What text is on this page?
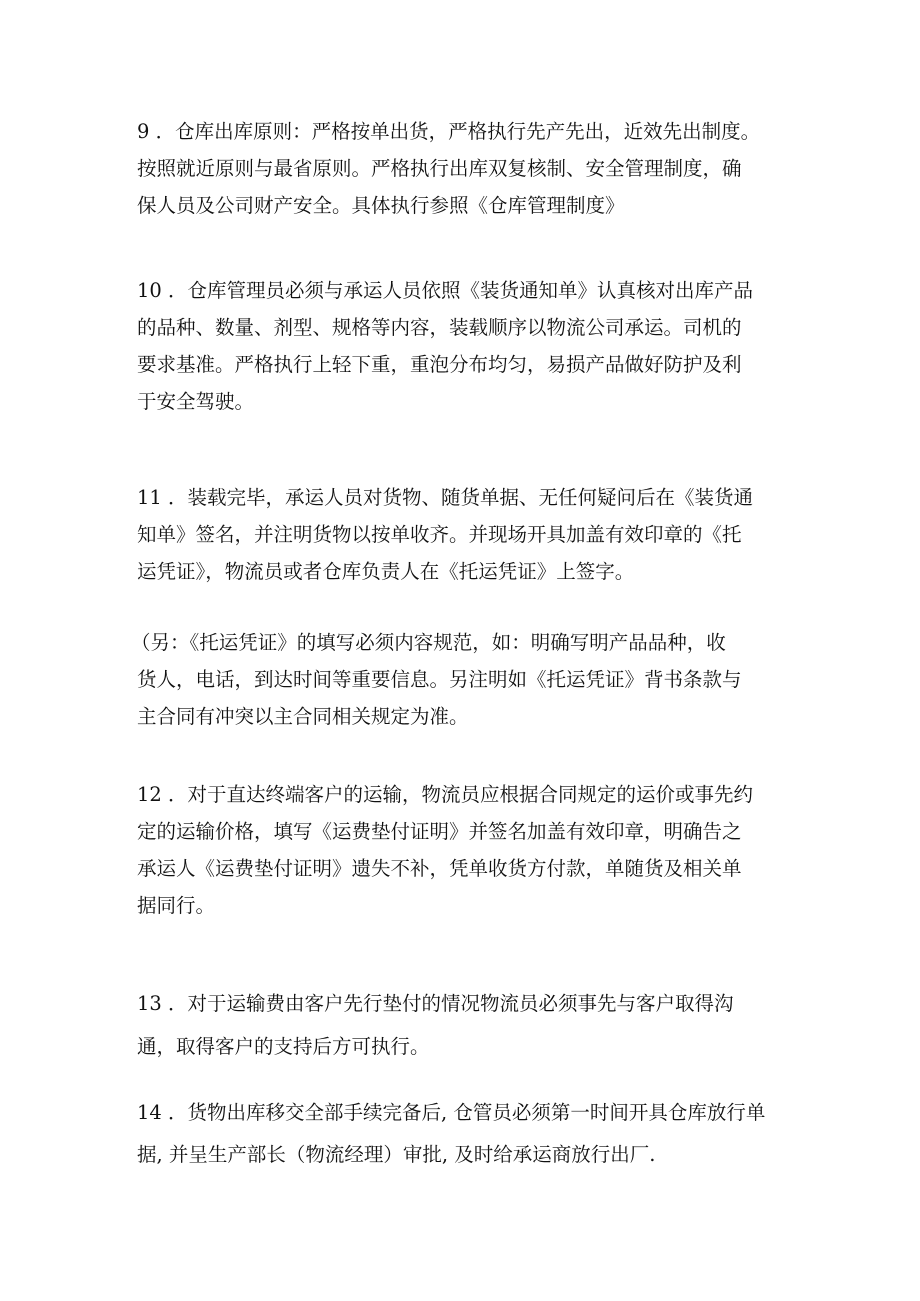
9 ．仓库出库原则：严格按单出货，严格执行先产先出，近效先出制度。
按照就近原则与最省原则。严格执行出库双复核制、安全管理制度，确
保人员及公司财产安全。具体执行参照《仓库管理制度》
10 ．仓库管理员必须与承运人员依照《装货通知单》认真核对出库产品
的品种、数量、剂型、规格等内容，装载顺序以物流公司承运。司机的
要求基准。严格执行上轻下重，重泡分布均匀，易损产品做好防护及利
于安全驾驶。
11 ．装载完毕，承运人员对货物、随货单据、无任何疑问后在《装货通
知单》签名，并注明货物以按单收齐。并现场开具加盖有效印章的《托
运凭证》，物流员或者仓库负责人在《托运凭证》上签字。
（另：《托运凭证》的填写必须内容规范，如：明确写明产品品种，收
货人，电话，到达时间等重要信息。另注明如《托运凭证》背书条款与
主合同有冲突以主合同相关规定为准。
12 ．对于直达终端客户的运输，物流员应根据合同规定的运价或事先约
定的运输价格，填写《运费垫付证明》并签名加盖有效印章，明确告之
承运人《运费垫付证明》遗失不补，凭单收货方付款，单随货及相关单
据同行。
13 ．对于运输费由客户先行垫付的情况物流员必须事先与客户取得沟
通，取得客户的支持后方可执行。
14 ．货物出库移交全部手续完备后, 仓管员必须第一时间开具仓库放行单
据, 并呈生产部长（物流经理）审批, 及时给承运商放行出厂.
